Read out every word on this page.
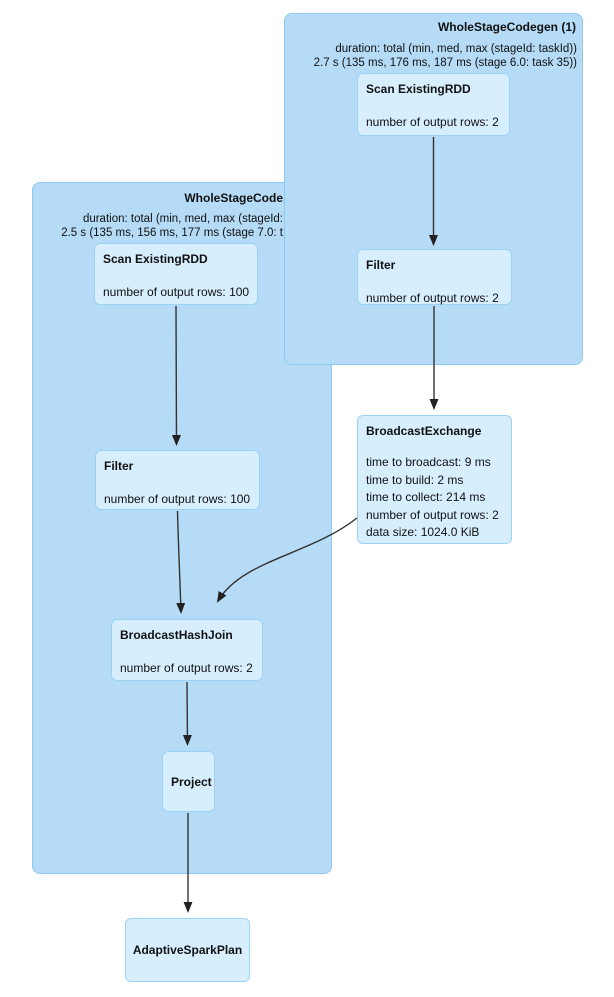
WholeStageCode
duration: total (min, med, max (stageId:
2.5 s (135 ms, 156 ms, 177 ms (stage 7.0: t
WholeStageCodegen (1)
duration: total (min, med, max (stageId: taskId))
2.7 s (135 ms, 176 ms, 187 ms (stage 6.0: task 35))
Scan ExistingRDD
number of output rows: 2
Filter
number of output rows: 2
Scan ExistingRDD
number of output rows: 100
Filter
number of output rows: 100
BroadcastExchange
time to broadcast: 9 ms
time to build: 2 ms
time to collect: 214 ms
number of output rows: 2
data size: 1024.0 KiB
BroadcastHashJoin
number of output rows: 2
Project
AdaptiveSparkPlan
